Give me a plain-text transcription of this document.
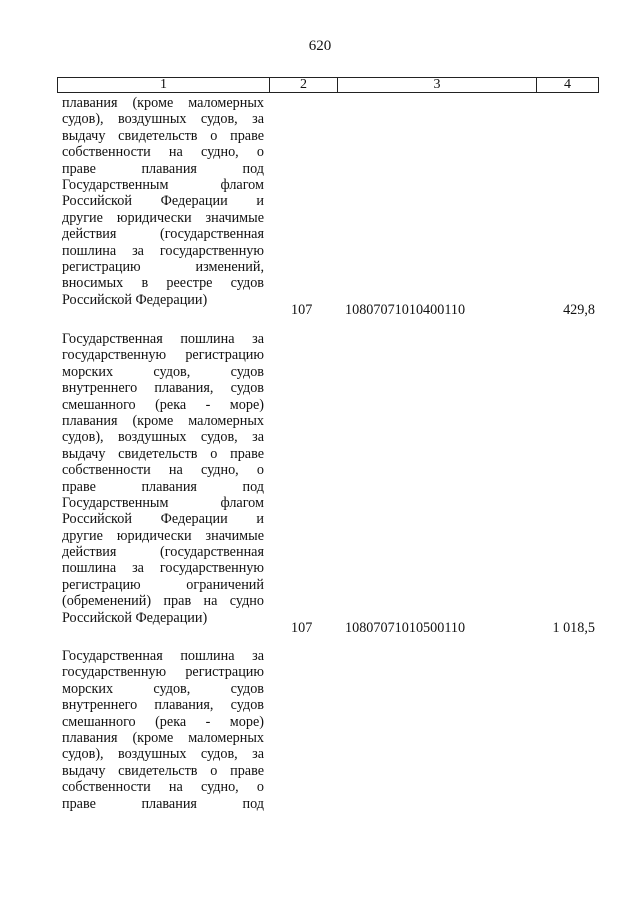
620
1	2	3	4
плавания (кроме маломерных
судов), воздушных судов, за
выдачу свидетельств о праве
собственности на судно, о
праве плавания под
Государственным флагом
Российской Федерации и
другие юридически значимые
действия (государственная
пошлина за государственную
регистрацию изменений,
вносимых в реестре судов
Российской Федерации)
107 10807071010400110	429,8
Государственная пошлина за
государственную регистрацию
морских судов, судов
внутреннего плавания, судов
смешанного (река - море)
плавания (кроме маломерных
судов), воздушных судов, за
выдачу свидетельств о праве
собственности на судно, о
праве плавания под
Государственным флагом
Российской Федерации и
другие юридически значимые
действия (государственная
пошлина за государственную
регистрацию ограничений
(обременений) прав на судно
Российской Федерации)
107 10807071010500110	1 018,5
Государственная пошлина за
государственную регистрацию
морских судов, судов
внутреннего плавания, судов
смешанного (река - море)
плавания (кроме маломерных
судов), воздушных судов, за
выдачу свидетельств о праве
собственности на судно, о
праве плавания под
